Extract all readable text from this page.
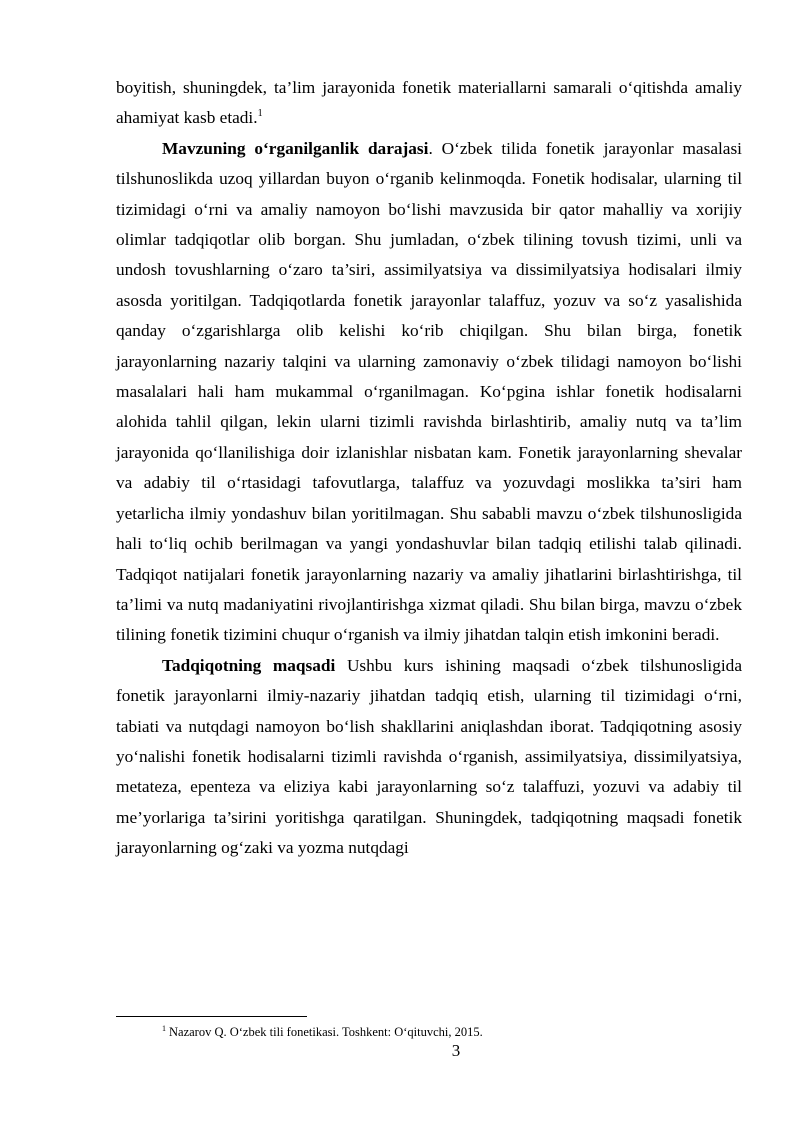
boyitish, shuningdek, ta’lim jarayonida fonetik materiallarni samarali o‘qitishda amaliy ahamiyat kasb etadi.$^1$

Mavzuning o‘rganilganlik darajasi. O‘zbek tilida fonetik jarayonlar masalasi tilshunoslikda uzoq yillardan buyon o‘rganib kelinmoqda. Fonetik hodisalar, ularning til tizimidagi o‘rni va amaliy namoyon bo‘lishi mavzusida bir qator mahalliy va xorijiy olimlar tadqiqotlar olib borgan. Shu jumladan, o‘zbek tilining tovush tizimi, unli va undosh tovushlarning o‘zaro ta’siri, assimilyatsiya va dissimilyatsiya hodisalari ilmiy asosda yoritilgan. Tadqiqotlarda fonetik jarayonlar talaffuz, yozuv va so‘z yasalishida qanday o‘zgarishlarga olib kelishi ko‘rib chiqilgan. Shu bilan birga, fonetik jarayonlarning nazariy talqini va ularning zamonaviy o‘zbek tilidagi namoyon bo‘lishi masalalari hali ham mukammal o‘rganilmagan. Ko‘pgina ishlar fonetik hodisalarni alohida tahlil qilgan, lekin ularni tizimli ravishda birlashtirib, amaliy nutq va ta’lim jarayonida qo‘llanilishiga doir izlanishlar nisbatan kam. Fonetik jarayonlarning shevalar va adabiy til o‘rtasidagi tafovutlarga, talaffuz va yozuvdagi moslikka ta’siri ham yetarlicha ilmiy yondashuv bilan yoritilmagan. Shu sababli mavzu o‘zbek tilshunosligida hali to‘liq ochib berilmagan va yangi yondashuvlar bilan tadqiq etilishi talab qilinadi. Tadqiqot natijalari fonetik jarayonlarning nazariy va amaliy jihatlarini birlashtirishga, til ta’limi va nutq madaniyatini rivojlantirishga xizmat qiladi. Shu bilan birga, mavzu o‘zbek tilining fonetik tizimini chuqur o‘rganish va ilmiy jihatdan talqin etish imkonini beradi.

Tadqiqotning maqsadi Ushbu kurs ishining maqsadi o‘zbek tilshunosligida fonetik jarayonlarni ilmiy-nazariy jihatdan tadqiq etish, ularning til tizimidagi o‘rni, tabiati va nutqdagi namoyon bo‘lish shakllarini aniqlashdan iborat. Tadqiqotning asosiy yo‘nalishi fonetik hodisalarni tizimli ravishda o‘rganish, assimilyatsiya, dissimilyatsiya, metateza, epenteza va eliziya kabi jarayonlarning so‘z talaffuzi, yozuvi va adabiy til me’yorlariga ta’sirini yoritishga qaratilgan. Shuningdek, tadqiqotning maqsadi fonetik jarayonlarning og‘zaki va yozma nutqdagi

$^1$ Nazarov Q. O‘zbek tili fonetikasi. Toshkent: O‘qituvchi, 2015.
3
